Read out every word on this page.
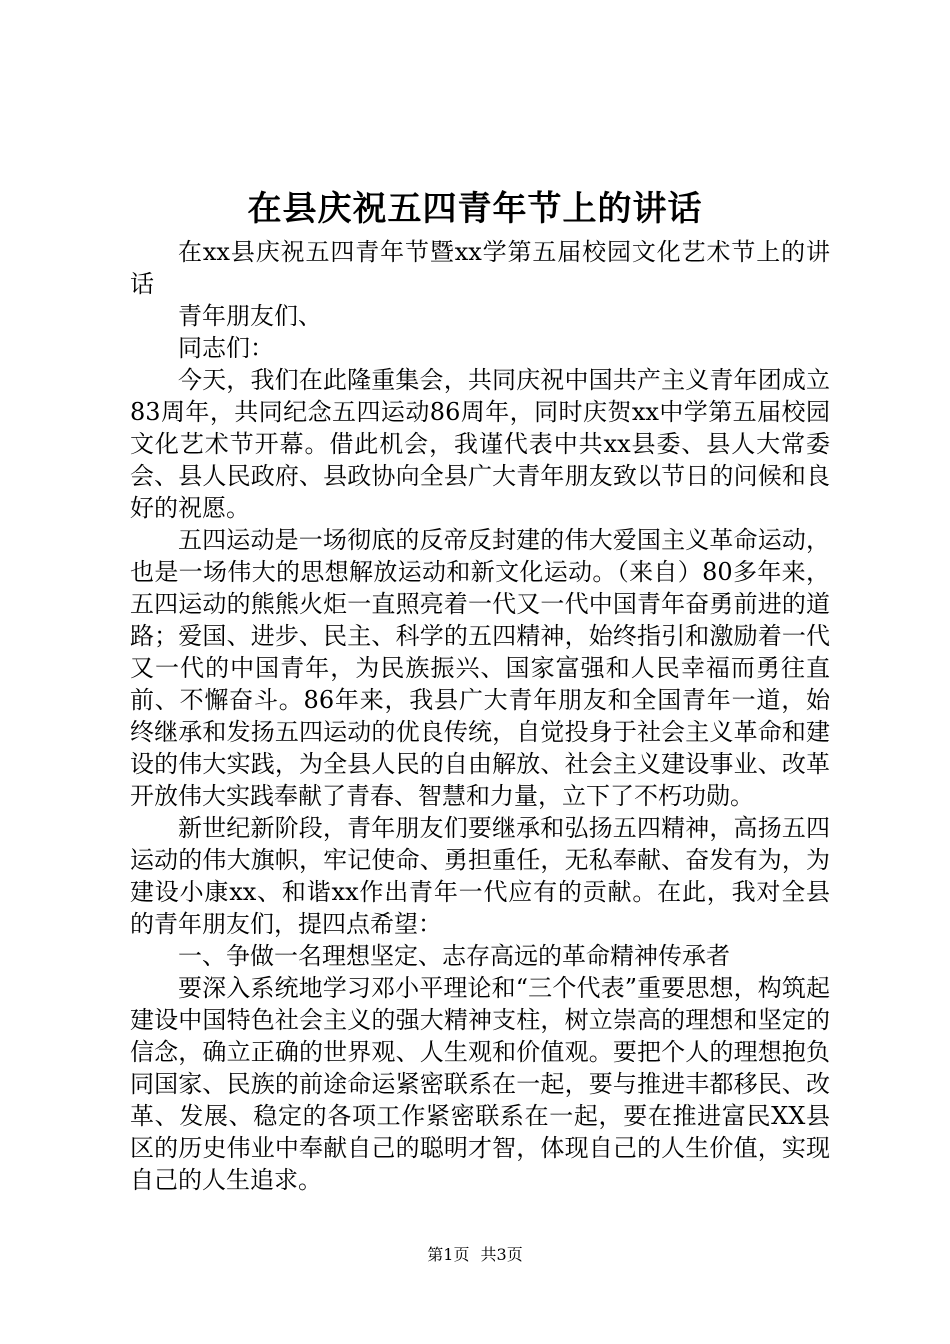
在县庆祝五四青年节上的讲话

在xx县庆祝五四青年节暨xx学第五届校园文化艺术节上的讲话

青年朋友们、

同志们：

今天，我们在此隆重集会，共同庆祝中国共产主义青年团成立83周年，共同纪念五四运动86周年，同时庆贺xx中学第五届校园文化艺术节开幕。借此机会，我谨代表中共xx县委、县人大常委会、县人民政府、县政协向全县广大青年朋友致以节日的问候和良好的祝愿。

五四运动是一场彻底的反帝反封建的伟大爱国主义革命运动，也是一场伟大的思想解放运动和新文化运动。（来自）80多年来，五四运动的熊熊火炬一直照亮着一代又一代中国青年奋勇前进的道路；爱国、进步、民主、科学的五四精神，始终指引和激励着一代又一代的中国青年，为民族振兴、国家富强和人民幸福而勇往直前、不懈奋斗。86年来，我县广大青年朋友和全国青年一道，始终继承和发扬五四运动的优良传统，自觉投身于社会主义革命和建设的伟大实践，为全县人民的自由解放、社会主义建设事业、改革开放伟大实践奉献了青春、智慧和力量，立下了不朽功勋。

新世纪新阶段，青年朋友们要继承和弘扬五四精神，高扬五四运动的伟大旗帜，牢记使命、勇担重任，无私奉献、奋发有为，为建设小康xx、和谐xx作出青年一代应有的贡献。在此，我对全县的青年朋友们，提四点希望：

一、争做一名理想坚定、志存高远的革命精神传承者

要深入系统地学习邓小平理论和“三个代表”重要思想，构筑起建设中国特色社会主义的强大精神支柱，树立崇高的理想和坚定的信念，确立正确的世界观、人生观和价值观。要把个人的理想抱负同国家、民族的前途命运紧密联系在一起，要与推进丰都移民、改革、发展、稳定的各项工作紧密联系在一起，要在推进富民XX县区的历史伟业中奉献自己的聪明才智，体现自己的人生价值，实现自己的人生追求。

第1页 共3页
